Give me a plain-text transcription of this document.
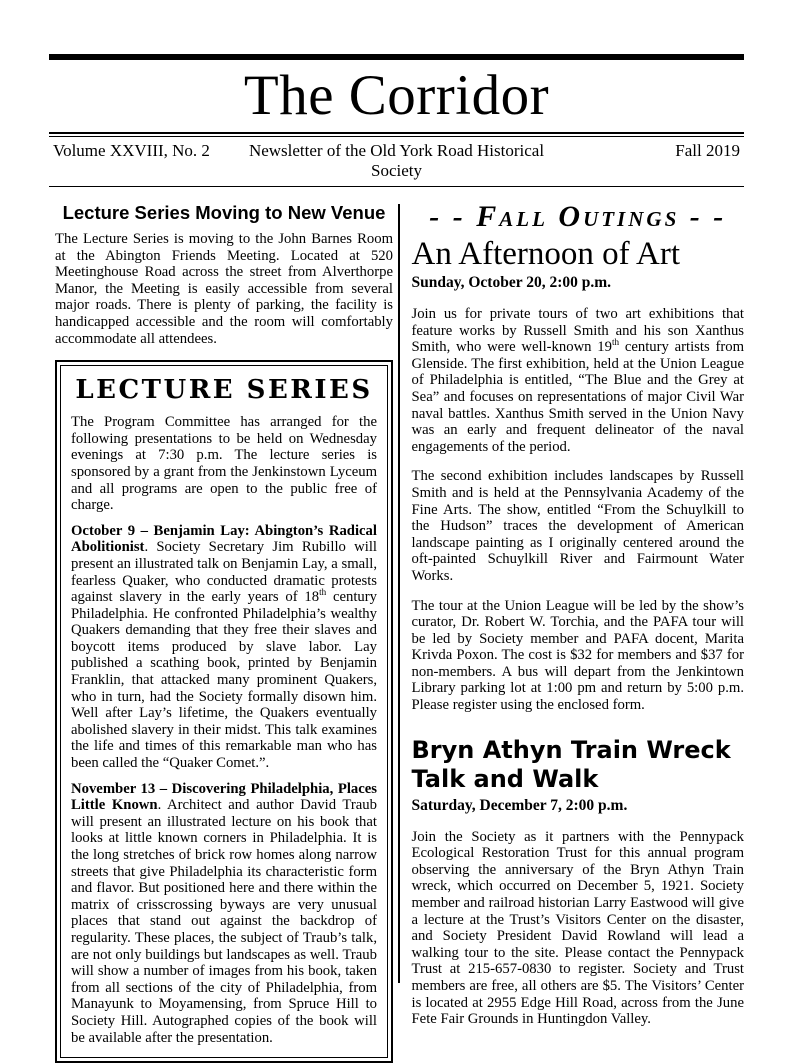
The Corridor
Volume XXVIII, No. 2	Newsletter of the Old York Road Historical Society
Fall 2019
Lecture Series Moving to New Venue

The Lecture Series is moving to the John Barnes Room at the Abington Friends Meeting. Located at 520 Meetinghouse Road across the street from Alverthorpe Manor, the Meeting is easily accessible from several major roads. There is plenty of parking, the facility is handicapped accessible and the room will comfortably accommodate all attendees.

LECTURE SERIES

The Program Committee has arranged for the following presentations to be held on Wednesday evenings at 7:30 p.m. The lecture series is sponsored by a grant from the Jenkinstown Lyceum and all programs are open to the public free of charge.

October 9 – Benjamin Lay: Abington’s Radical Abolitionist. Society Secretary Jim Rubillo will present an illustrated talk on Benjamin Lay, a small, fearless Quaker, who conducted dramatic protests against slavery in the early years of 18th century Philadelphia. He confronted Philadelphia’s wealthy Quakers demanding that they free their slaves and boycott items produced by slave labor. Lay published a scathing book, printed by Benjamin Franklin, that attacked many prominent Quakers, who in turn, had the Society formally disown him. Well after Lay’s lifetime, the Quakers eventually abolished slavery in their midst. This talk examines the life and times of this remarkable man who has been called the “Quaker Comet.”.

November 13 – Discovering Philadelphia, Places Little Known. Architect and author David Traub will present an illustrated lecture on his book that looks at little known corners in Philadelphia. It is the long stretches of brick row homes along narrow streets that give Philadelphia its characteristic form and flavor. But positioned here and there within the matrix of crisscrossing byways are very unusual places that stand out against the backdrop of regularity. These places, the subject of Traub’s talk, are not only buildings but landscapes as well. Traub will show a number of images from his book, taken from all sections of the city of Philadelphia, from Manayunk to Moyamensing, from Spruce Hill to Society Hill. Autographed copies of the book will be available after the presentation.

- - Fall Outings - -
An Afternoon of Art
Sunday, October 20, 2:00 p.m.

Join us for private tours of two art exhibitions that feature works by Russell Smith and his son Xanthus Smith, who were well-known 19th century artists from Glenside. The first exhibition, held at the Union League of Philadelphia is entitled, “The Blue and the Grey at Sea” and focuses on representations of major Civil War naval battles. Xanthus Smith served in the Union Navy was an early and frequent delineator of the naval engagements of the period.

The second exhibition includes landscapes by Russell Smith and is held at the Pennsylvania Academy of the Fine Arts. The show, entitled “From the Schuylkill to the Hudson” traces the development of American landscape painting as I originally centered around the oft-painted Schuylkill River and Fairmount Water Works.

The tour at the Union League will be led by the show’s curator, Dr. Robert W. Torchia, and the PAFA tour will be led by Society member and PAFA docent, Marita Krivda Poxon. The cost is $32 for members and $37 for non-members. A bus will depart from the Jenkintown Library parking lot at 1:00 pm and return by 5:00 p.m. Please register using the enclosed form.

Bryn Athyn Train Wreck Talk and Walk
Saturday, December 7, 2:00 p.m.

Join the Society as it partners with the Pennypack Ecological Restoration Trust for this annual program observing the anniversary of the Bryn Athyn Train wreck, which occurred on December 5, 1921. Society member and railroad historian Larry Eastwood will give a lecture at the Trust’s Visitors Center on the disaster, and Society President David Rowland will lead a walking tour to the site. Please contact the Pennypack Trust at 215-657-0830 to register. Society and Trust members are free, all others are $5. The Visitors’ Center is located at 2955 Edge Hill Road, across from the June Fete Fair Grounds in Huntingdon Valley.
